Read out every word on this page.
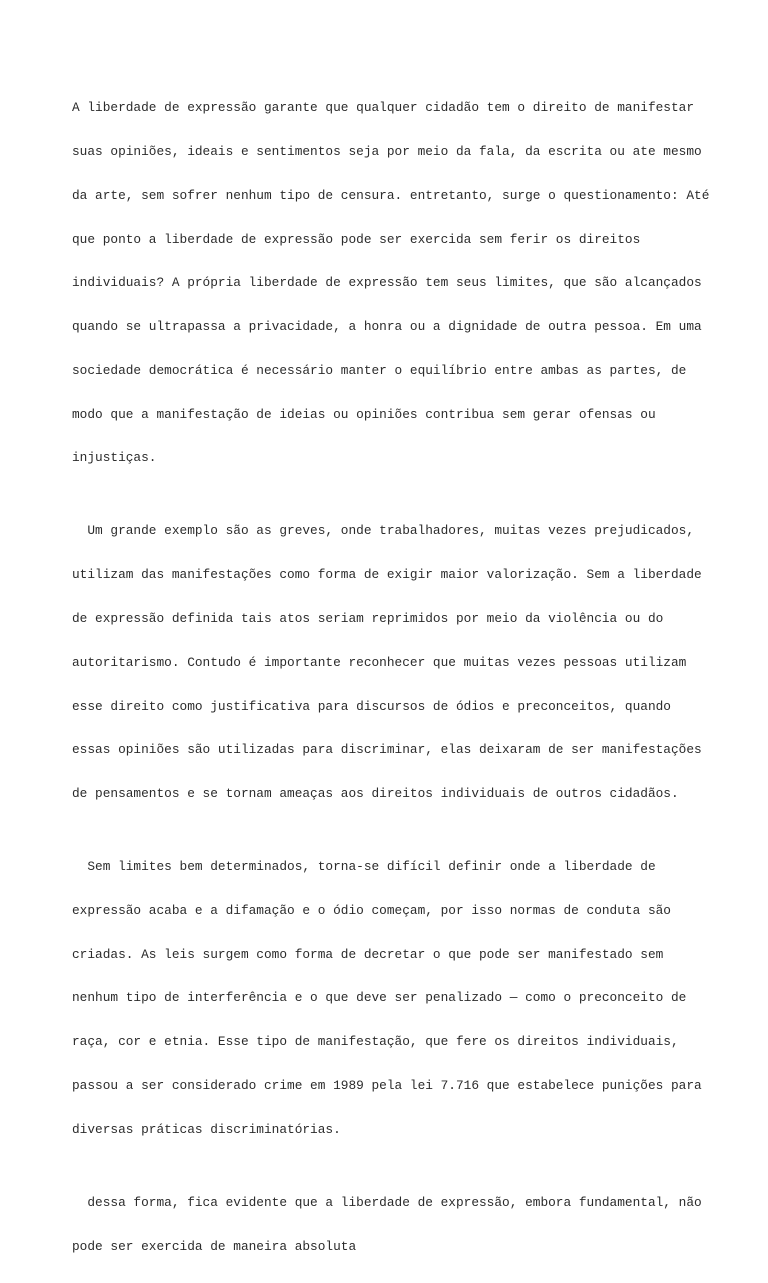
A liberdade de expressão garante que qualquer cidadão tem o direito de manifestar

suas opiniões, ideais e sentimentos seja por meio da fala, da escrita ou ate mesmo

da arte, sem sofrer nenhum tipo de censura. entretanto, surge o questionamento: Até

que ponto a liberdade de expressão pode ser exercida sem ferir os direitos

individuais? A própria liberdade de expressão tem seus limites, que são alcançados

quando se ultrapassa a privacidade, a honra ou a dignidade de outra pessoa. Em uma

sociedade democrática é necessário manter o equilíbrio entre ambas as partes, de

modo que a manifestação de ideias ou opiniões contribua sem gerar ofensas ou

injustiças.

Um grande exemplo são as greves, onde trabalhadores, muitas vezes prejudicados,

utilizam das manifestações como forma de exigir maior valorização. Sem a liberdade

de expressão definida tais atos seriam reprimidos por meio da violência ou do

autoritarismo. Contudo é importante reconhecer que muitas vezes pessoas utilizam

esse direito como justificativa para discursos de ódios e preconceitos, quando

essas opiniões são utilizadas para discriminar, elas deixaram de ser manifestações

de pensamentos e se tornam ameaças aos direitos individuais de outros cidadãos.

Sem limites bem determinados, torna-se difícil definir onde a liberdade de

expressão acaba e a difamação e o ódio começam, por isso normas de conduta são

criadas. As leis surgem como forma de decretar o que pode ser manifestado sem

nenhum tipo de interferência e o que deve ser penalizado — como o preconceito de

raça, cor e etnia. Esse tipo de manifestação, que fere os direitos individuais,

passou a ser considerado crime em 1989 pela lei 7.716 que estabelece punições para

diversas práticas discriminatórias.

dessa forma, fica evidente que a liberdade de expressão, embora fundamental, não

pode ser exercida de maneira absoluta
